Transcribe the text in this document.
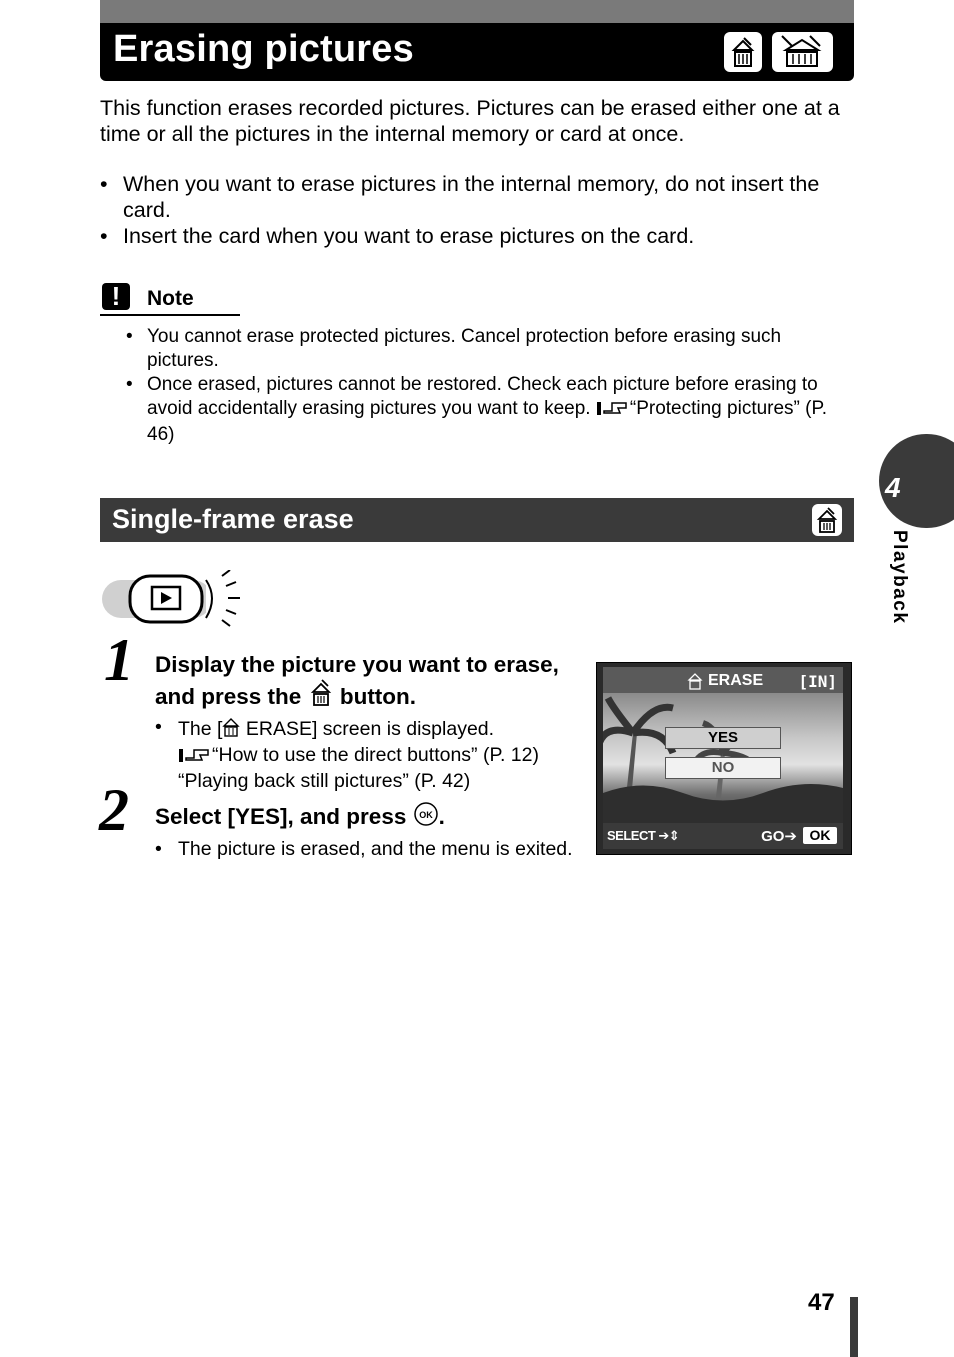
Erasing pictures

This function erases recorded pictures. Pictures can be erased either one at a time or all the pictures in the internal memory or card at once.

• When you want to erase pictures in the internal memory, do not insert the card.
• Insert the card when you want to erase pictures on the card.
!	Note
• You cannot erase protected pictures. Cancel protection before erasing such pictures.
• Once erased, pictures cannot be restored. Check each picture before erasing to avoid accidentally erasing pictures you want to keep. “Protecting pictures” (P. 46)
4
Playback
Single-frame erase
1 Display the picture you want to erase, and press the button.
• The [ ERASE] screen is displayed.
“How to use the direct buttons” (P. 12)
“Playing back still pictures” (P. 42)
2 Select [YES], and press OK .
• The picture is erased, and the menu is exited.
ERASE [IN]
YES
NO
SELECT ➔⇕	GO➔ OK
47
